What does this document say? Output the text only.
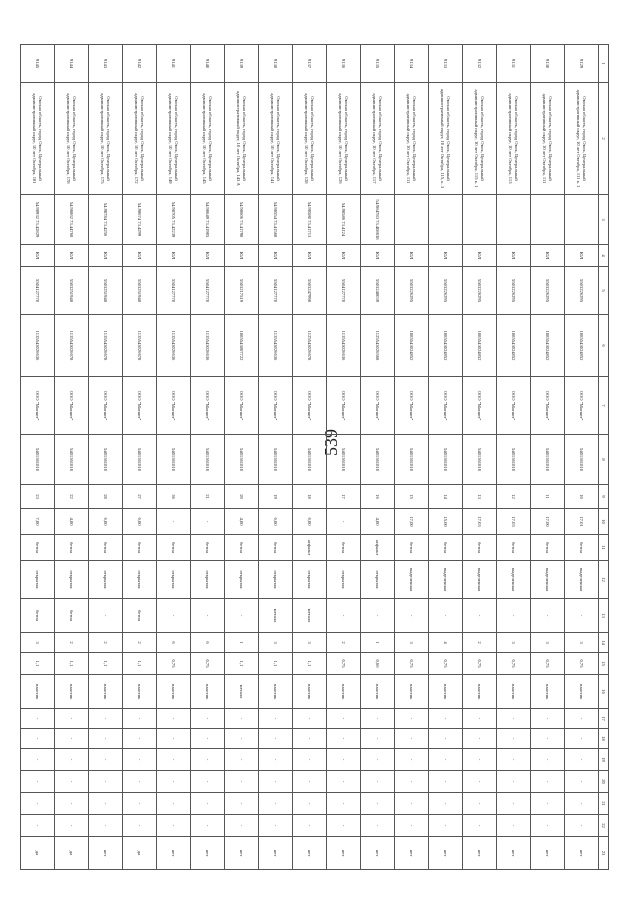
539
1	2	3	4	5	6	7	8	9	10	11	12	13	14	15	16	17	18	19	20	21	22	23
9129	Омская область, город Омск, Центральный административный округ, 10 лет Октября, 111 к. 1		ЮЛ	5503226295	1085543024852	ООО "Магнит"	5401361810	10	17.01	бетон	выделенная	-	3	0,75	пластик	-	-	-	-	-	-	нет
9130	Омская область, город Омск, Центральный административный округ, 10 лет Октября, 111		ЮЛ	5503226295	1085543024852	ООО "Магнит"	5401361810	11	17.00	бетон	выделенная	-	3	0,75	пластик	-	-	-	-	-	-	нет
9131	Омская область, город Омск, Центральный административный округ, 10 лет Октября, 113		ЮЛ	5503226295	1085543024852	ООО "Магнит"	5401361810	12	17.03	бетон	выделенная	-	3	0,75	пластик	-	-	-	-	-	-	нет
9132	Омская область, город Омск, Центральный административный округ, 10 лет Октября, 115 к. 1		ЮЛ	5503226295	1085543024852	ООО "Магнит"	5401361810	13	17.03	бетон	выделенная	-	2	0,75	пластик	-	-	-	-	-	-	нет
9133	Омская область, город Омск, Центральный административный округ, 10 лет Октября, 115, к. 3		ЮЛ	5503226295	1085543024852	ООО "Магнит"	5401361810	14	15.00	бетон	выделенная	-	4	0,75	пластик	-	-	-	-	-	-	нет
9134	Омская область, город Омск, Центральный административный округ, 10 лет Октября, 111		ЮЛ	5503226295	1085543024852	ООО "Магнит"	5401361810	15	17,00	бетон	выделенная	-	3	0,75	пластик	-	-	-	-	-	-	нет
9135	Омская область, город Омск, Центральный административный округ, 10 лет Октября, 117	54.984783 73.408638	ЮЛ	5503248039	1125543026568	ООО "Магнит"	5401361810	16	4,00	асфальт	открытая	-	1	0,66	пластик	-	-	-	-	-	-	нет
9136	Омская область, город Омск, Центральный административный округ, 10 лет Октября, 126	54.98586 73.4124	ЮЛ	5504127770	1135543026636	ООО "Магнит"	5401361810	17	-	бетон	открытая	-	2	0,75	пластик	-	-	-	-	-	-	нет
9137	Омская область, город Омск, Центральный административный округ, 10 лет Октября, 128	54.98580 73.41713	ЮЛ	5503247998	1125543026678	ООО "Магнит"	5401361810	18	6,00	асфальт	открытая	металл	3	1,1	пластик	-	-	-	-	-	-	нет
9138	Омская область, город Омск, Центральный административный округ, 10 лет Октября, 141	54.98554 73.41568	ЮЛ	5504127770	1135543026636	ООО "Магнит"	5401361810	19	6,00	бетон	открытая	металл	3	1,1	пластик	-	-	-	-	-	-	нет
9139	Омская область, город Омск, Центральный административный округ, 10 лет Октября, 143 А	54.98606 73.41798	ЮЛ	5503217519	1085543007722	ООО "Магнит"	5401361810	20	4,00	бетон	открытая	-	1	1,1	металл	-	-	-	-	-	-	нет
9140	Омская область, город Омск, Центральный административный округ, 10 лет Октября, 145	54.98649 73.41905	ЮЛ	5504127770	1135543026636	ООО "Магнит"	5401361810	21	-	бетон	открытая	-	6	0,75	пластик	-	-	-	-	-	-	нет
9141	Омская область, город Омск, Центральный административный округ, 10 лет Октября, 149	54.98705 73.42239	ЮЛ	5504127770	1135543026636	ООО "Магнит"	5401361810	36	-	бетон	открытая	-	6	0,75	пластик	-	-	-	-	-	-	нет
9142	Омская область, город Омск, Центральный административный округ, 10 лет Октября, 172	54.98674 73.4299	ЮЛ	5503251948	1135543026678	ООО "Магнит"	5401361810	27	6,00	бетон	открытая	бетон	2	1,1	пластик	-	-	-	-	-	-	да
9143	Омская область, город Омск, Центральный административный округ, 10 лет Октября, 175	54.98784 73.4256	ЮЛ	5503251948	1135543026678	ООО "Магнит"	5401361810	28	6,00	бетон	открытая	-	2	1,1	пластик	-	-	-	-	-	-	нет
9144	Омская область, город Омск, Центральный административный округ, 10 лет Октября, 178	54.98862 73.44768	ЮЛ	5503251948	1135543026678	ООО "Магнит"	5401361810	22	4,00	бетон	открытая	бетон	2	1,1	пластик	-	-	-	-	-	-	да
9145	Омская область, город Омск, Центральный административный округ, 10 лет Октября, 181	54.98932 73.42829	ЮЛ	5504127770	1135543026636	ООО "Магнит"	5401361810	23	7,00	бетон	открытая	бетон	3	1,1	пластик	-	-	-	-	-	-	да
